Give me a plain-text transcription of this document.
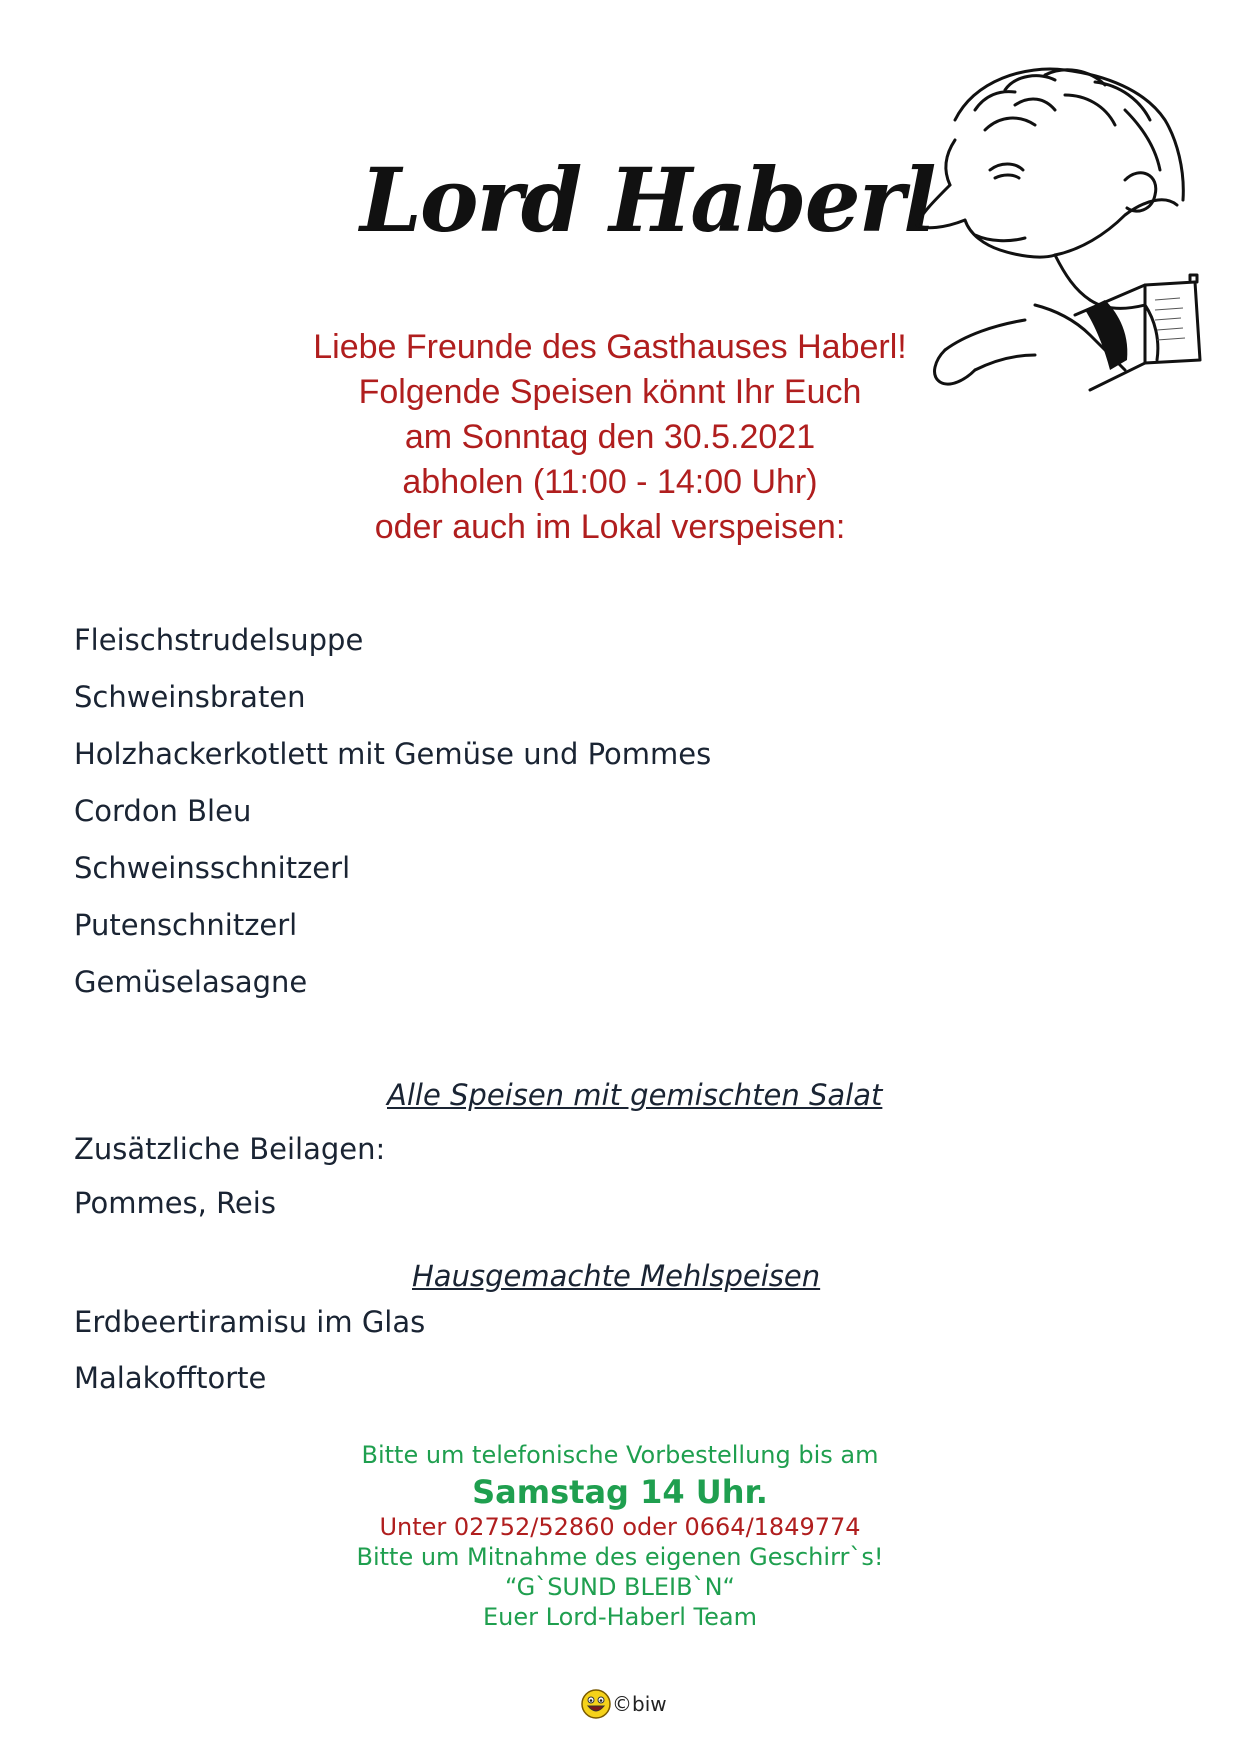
Lord Haberl
Liebe Freunde des Gasthauses Haberl!
Folgende Speisen könnt Ihr Euch
am Sonntag den 30.5.2021
abholen (11:00 - 14:00 Uhr)
oder auch im Lokal verspeisen:
Fleischstrudelsuppe
Schweinsbraten
Holzhackerkotlett mit Gemüse und Pommes
Cordon Bleu
Schweinsschnitzerl
Putenschnitzerl
Gemüselasagne
Alle Speisen mit gemischten Salat
Zusätzliche Beilagen:
Pommes, Reis
Hausgemachte Mehlspeisen
Erdbeertiramisu im Glas
Malakofftorte
Bitte um telefonische Vorbestellung bis am
Samstag 14 Uhr.
Unter 02752/52860 oder 0664/1849774
Bitte um Mitnahme des eigenen Geschirr`s!
“G`SUND BLEIB`N“
Euer Lord-Haberl Team
©biw
